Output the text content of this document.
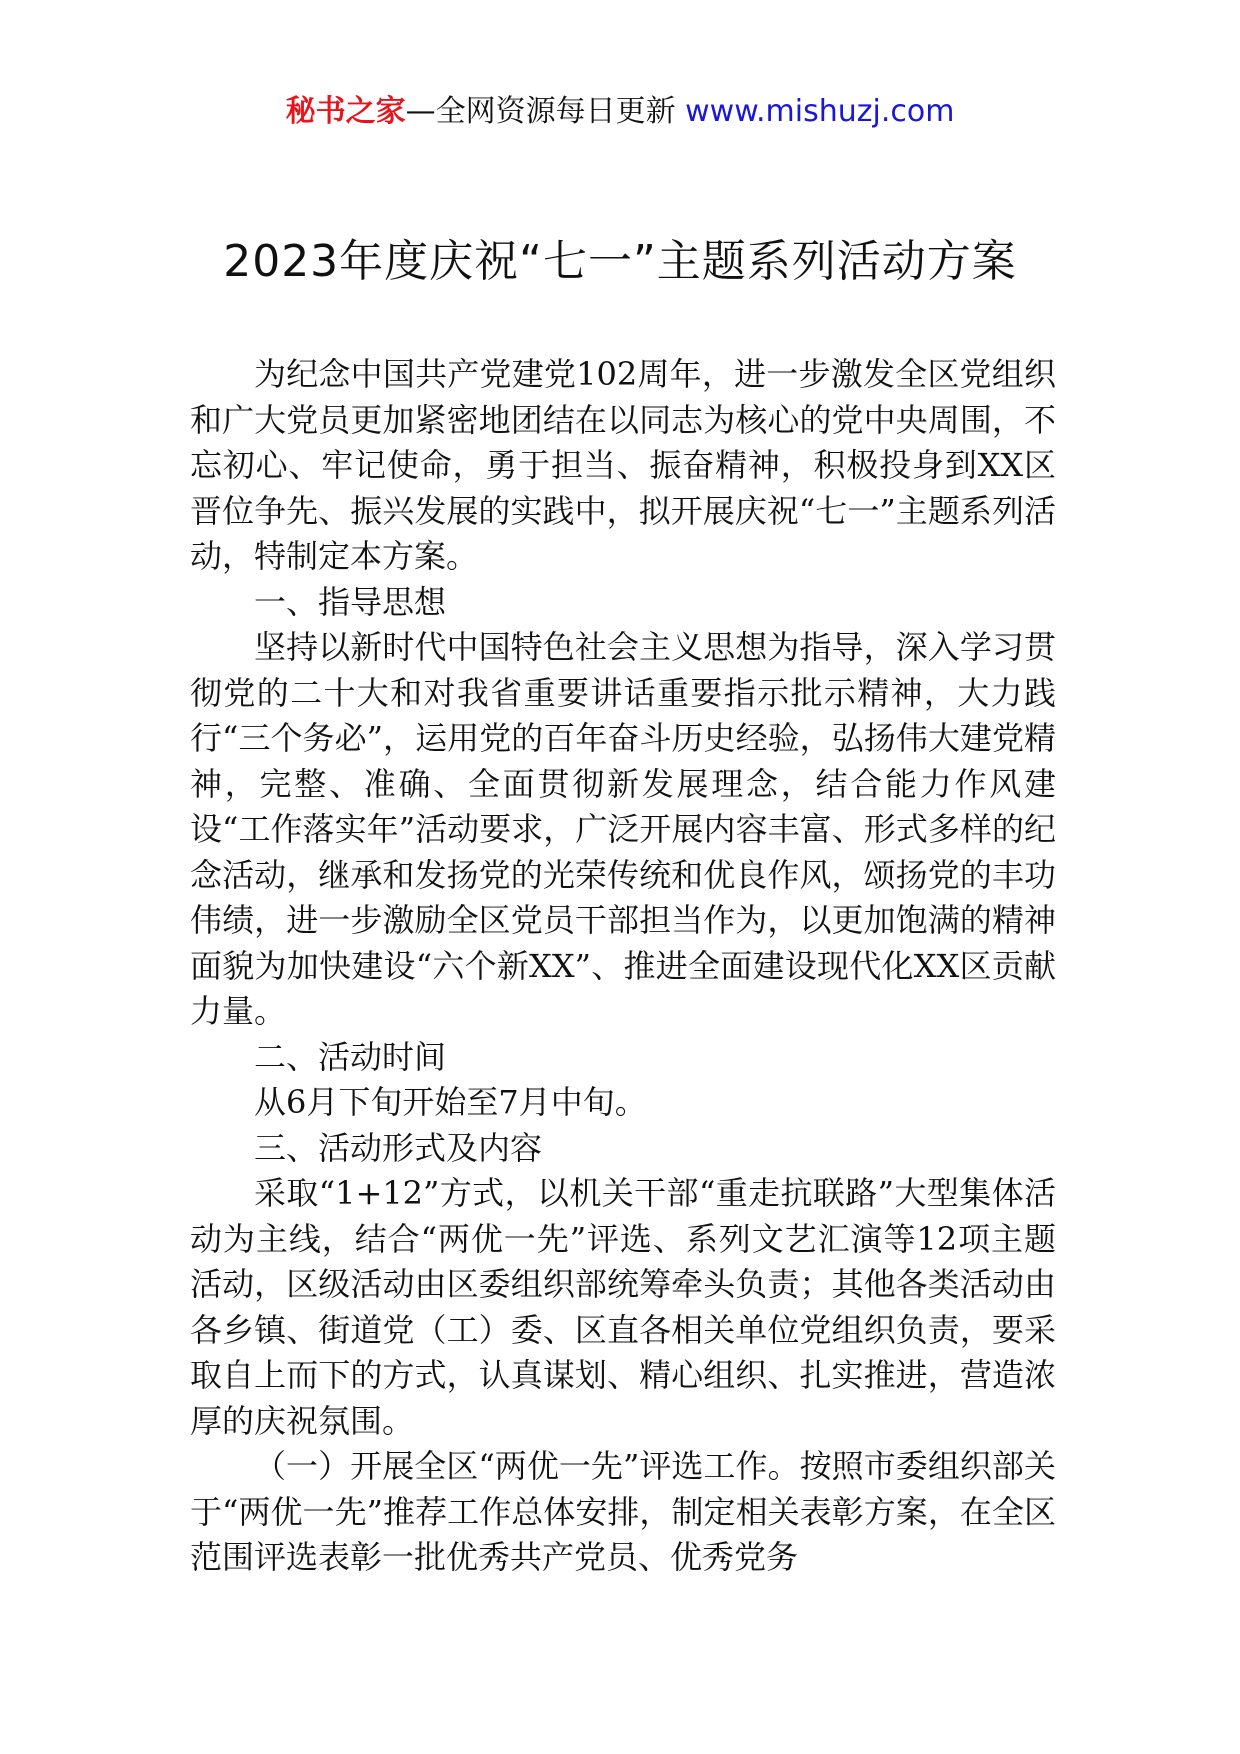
秘书之家—全网资源每日更新 www.mishuzj.com
2023年度庆祝“七一”主题系列活动方案

为纪念中国共产党建党102周年，进一步激发全区党组织和广大党员更加紧密地团结在以同志为核心的党中央周围，不忘初心、牢记使命，勇于担当、振奋精神，积极投身到XX区晋位争先、振兴发展的实践中，拟开展庆祝“七一”主题系列活动，特制定本方案。

一、指导思想

坚持以新时代中国特色社会主义思想为指导，深入学习贯彻党的二十大和对我省重要讲话重要指示批示精神，大力践行“三个务必”，运用党的百年奋斗历史经验，弘扬伟大建党精神，完整、准确、全面贯彻新发展理念，结合能力作风建设“工作落实年”活动要求，广泛开展内容丰富、形式多样的纪念活动，继承和发扬党的光荣传统和优良作风，颂扬党的丰功伟绩，进一步激励全区党员干部担当作为，以更加饱满的精神面貌为加快建设“六个新XX”、推进全面建设现代化XX区贡献力量。

二、活动时间

从6月下旬开始至7月中旬。

三、活动形式及内容

采取“1+12”方式，以机关干部“重走抗联路”大型集体活动为主线，结合“两优一先”评选、系列文艺汇演等12项主题活动，区级活动由区委组织部统筹牵头负责；其他各类活动由各乡镇、街道党（工）委、区直各相关单位党组织负责，要采取自上而下的方式，认真谋划、精心组织、扎实推进，营造浓厚的庆祝氛围。

（一）开展全区“两优一先”评选工作。按照市委组织部关于“两优一先”推荐工作总体安排，制定相关表彰方案，在全区范围评选表彰一批优秀共产党员、优秀党务
